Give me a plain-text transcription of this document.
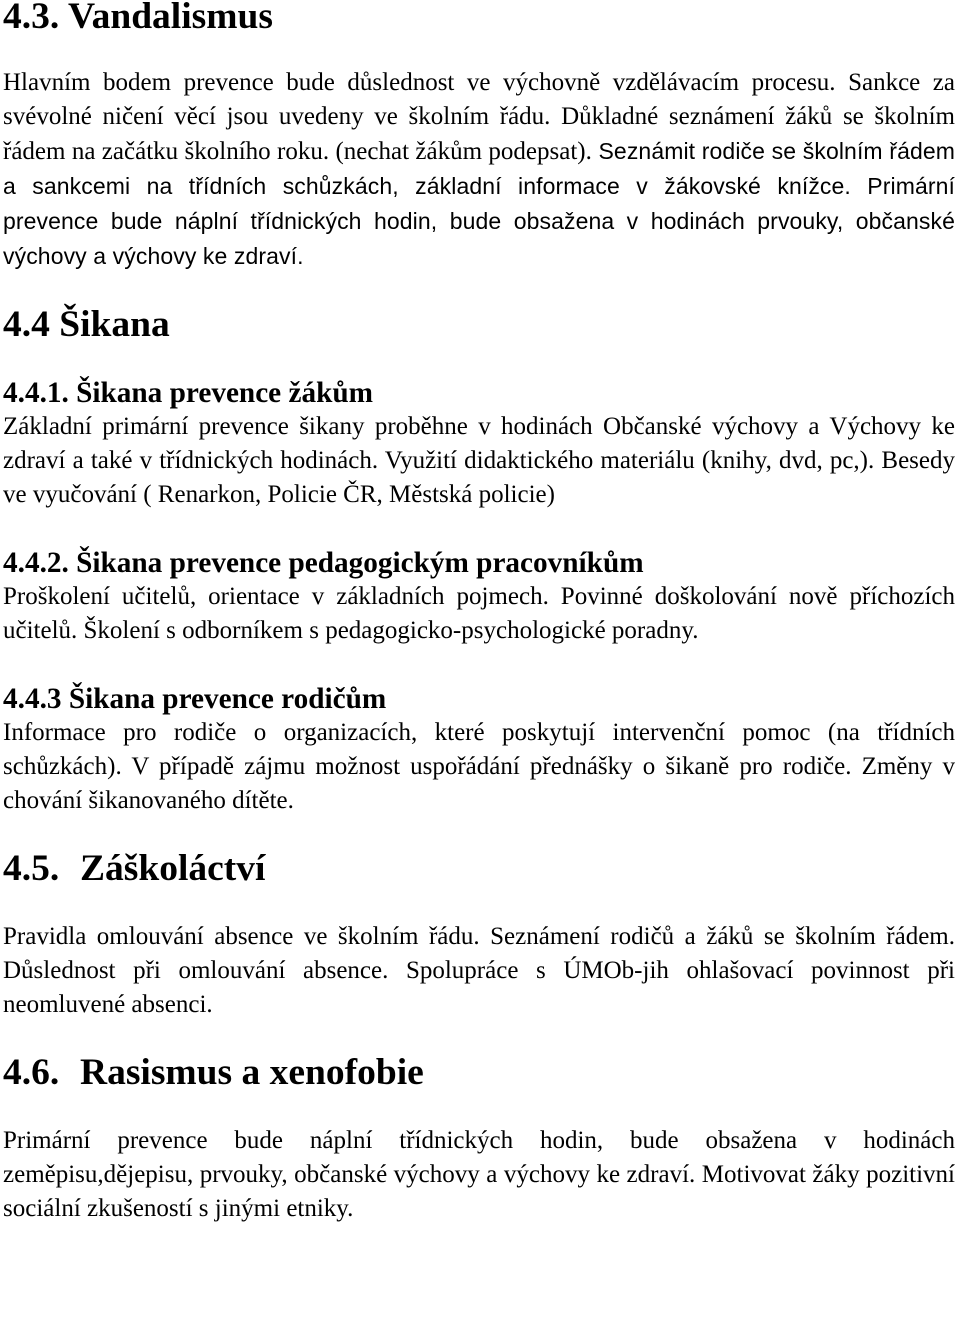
4.3. Vandalismus

Hlavním bodem prevence bude důslednost ve výchovně vzdělávacím procesu. Sankce za svévolné ničení věcí jsou uvedeny ve školním řádu. Důkladné seznámení žáků se školním řádem na začátku školního roku. (nechat žákům podepsat). Seznámit rodiče se školním řádem a sankcemi na třídních schůzkách, základní informace v žákovské knížce. Primární prevence bude náplní třídnických hodin, bude obsažena v hodinách prvouky, občanské výchovy a výchovy ke zdraví.

4.4 Šikana
4.4.1. Šikana prevence žákům

Základní primární prevence šikany proběhne v hodinách Občanské výchovy a Výchovy ke zdraví a také v třídnických hodinách. Využití didaktického materiálu (knihy, dvd, pc,). Besedy ve vyučování ( Renarkon, Policie ČR, Městská policie)

4.4.2. Šikana prevence pedagogickým pracovníkům

Proškolení učitelů, orientace v základních pojmech. Povinné doškolování nově příchozích učitelů. Školení s odborníkem s pedagogicko-psychologické poradny.

4.4.3 Šikana prevence rodičům

Informace pro rodiče o organizacích, které poskytují intervenční pomoc (na třídních schůzkách). V případě zájmu možnost uspořádání přednášky o šikaně pro rodiče. Změny v chování šikanovaného dítěte.

4.5. Záškoláctví

Pravidla omlouvání absence ve školním řádu. Seznámení rodičů a žáků se školním řádem. Důslednost při omlouvání absence. Spolupráce s ÚMOb-jih ohlašovací povinnost při neomluvené absenci.

4.6. Rasismus a xenofobie

Primární prevence bude náplní třídnických hodin, bude obsažena v hodinách zeměpisu,dějepisu, prvouky, občanské výchovy a výchovy ke zdraví. Motivovat žáky pozitivní sociální zkušeností s jinými etniky.
